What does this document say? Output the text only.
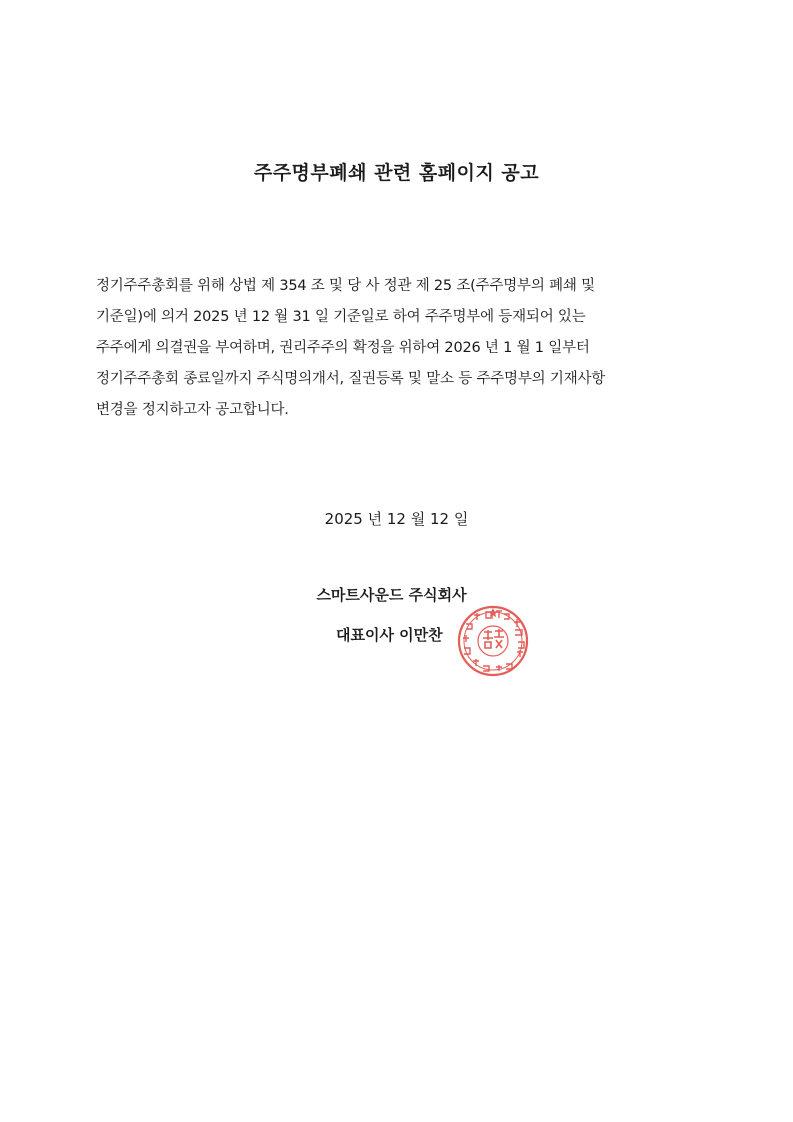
주주명부폐쇄 관련 홈페이지 공고
정기주주총회를 위해 상법 제 354 조 및 당 사 정관 제 25 조(주주명부의 폐쇄 및
기준일)에 의거 2025 년 12 월 31 일 기준일로 하여 주주명부에 등재되어 있는
주주에게 의결권을 부여하며, 권리주주의 확정을 위하여 2026 년 1 월 1 일부터
정기주주총회 종료일까지 주식명의개서, 질권등록 및 말소 등 주주명부의 기재사항
변경을 정지하고자 공고합니다.
2025 년 12 월 12 일
스마트사운드 주식회사
대표이사 이만찬
